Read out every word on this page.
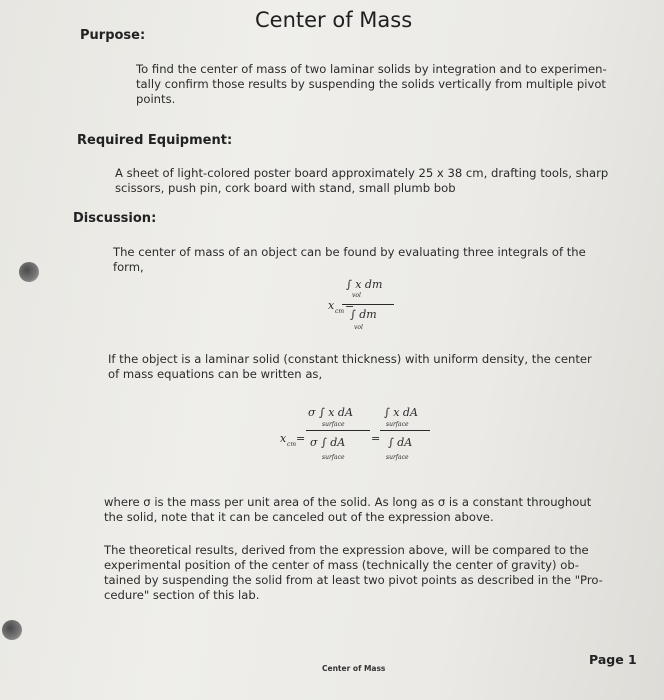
Center of Mass
Purpose:

To find the center of mass of two laminar solids by integration and to experimen-

tally confirm those results by suspending the solids vertically from multiple pivot

points.

Required Equipment:

A sheet of light-colored poster board approximately 25 x 38 cm, drafting tools, sharp

scissors, push pin, cork board with stand, small plumb bob

Discussion:

The center of mass of an object can be found by evaluating three integrals of the

form,

∫ x dm
vol
x cm =
∫ dm
vol

If the object is a laminar solid (constant thickness) with uniform density, the center

of mass equations can be written as,

x cm =
σ ∫ x dA
surface
σ ∫ dA
surface
=
∫ x dA
surface
∫ dA
surface

where σ is the mass per unit area of the solid. As long as σ is a constant throughout

the solid, note that it can be canceled out of the expression above.

The theoretical results, derived from the expression above, will be compared to the

experimental position of the center of mass (technically the center of gravity) ob-

tained by suspending the solid from at least two pivot points as described in the "Pro-

cedure" section of this lab.

Center of Mass
Page 1
